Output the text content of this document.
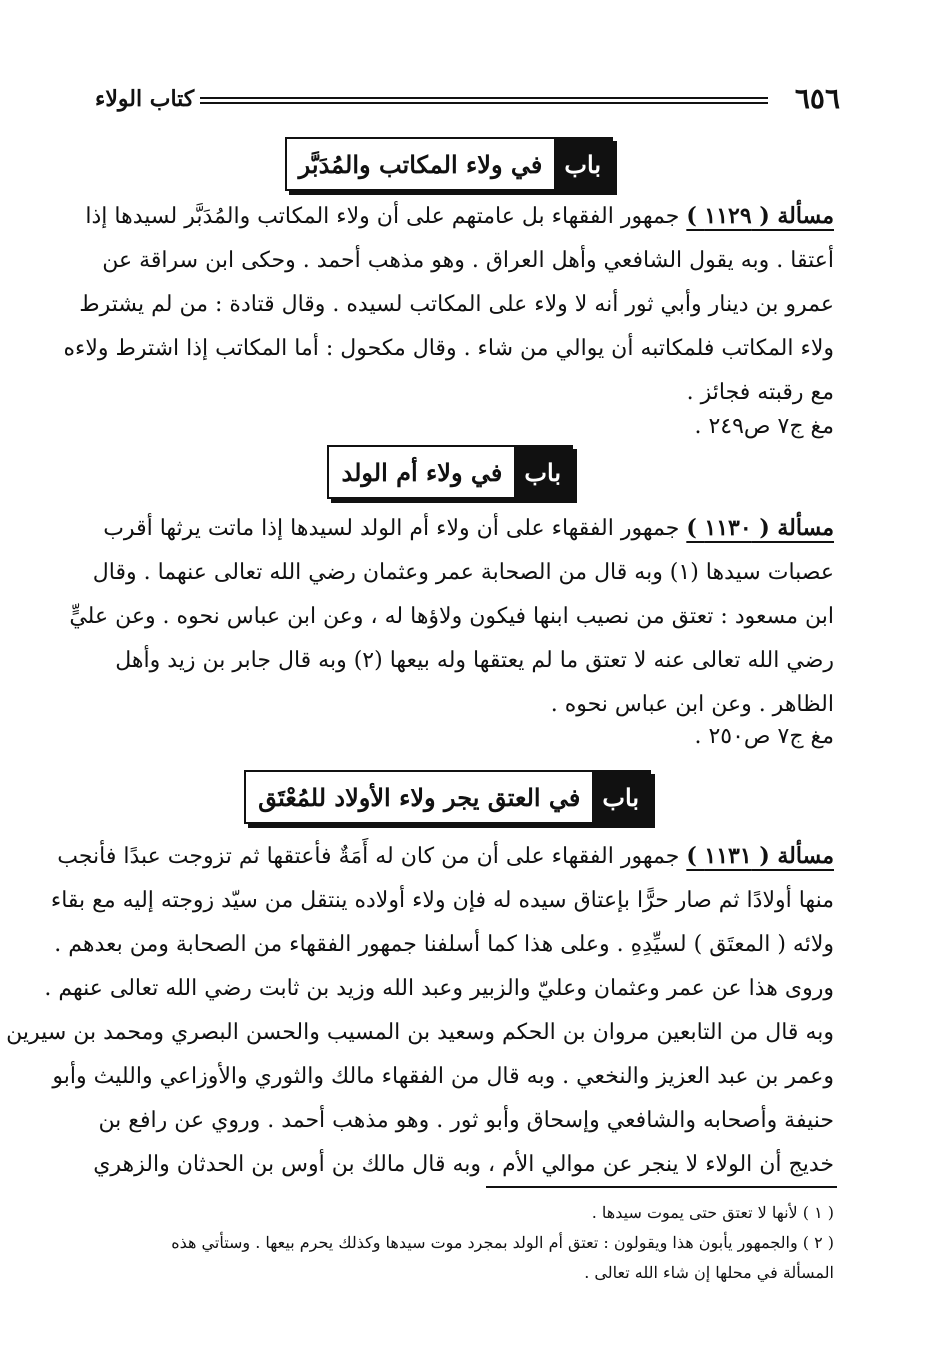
٦٥٦
كتاب الولاء
باب
في ولاء المكاتب والمُدَبَّر
مسألة ( ١١٢٩ ) جمهور الفقهاء بل عامتهم على أن ولاء المكاتب والمُدَبَّر لسيدها إذا
أعتقا . وبه يقول الشافعي وأهل العراق . وهو مذهب أحمد . وحكى ابن سراقة عن
عمرو بن دينار وأبي ثور أنه لا ولاء على المكاتب لسيده . وقال قتادة : من لم يشترط
ولاء المكاتب فلمكاتبه أن يوالي من شاء . وقال مكحول : أما المكاتب إذا اشترط ولاءه
مع رقبته فجائز .
مغ ج٧ ص٢٤٩ .
باب
في ولاء أم الولد
مسألة ( ١١٣٠ ) جمهور الفقهاء على أن ولاء أم الولد لسيدها إذا ماتت يرثها أقرب
عصبات سيدها (١) وبه قال من الصحابة عمر وعثمان رضي الله تعالى عنهما . وقال
ابن مسعود : تعتق من نصيب ابنها فيكون ولاؤها له ، وعن ابن عباس نحوه . وعن عليٍّ
رضي الله تعالى عنه لا تعتق ما لم يعتقها وله بيعها (٢) وبه قال جابر بن زيد وأهل
الظاهر . وعن ابن عباس نحوه .
مغ ج٧ ص٢٥٠ .
باب
في العتق يجر ولاء الأولاد للمُعْتَق
مسألة ( ١١٣١ ) جمهور الفقهاء على أن من كان له أَمَةٌ فأعتقها ثم تزوجت عبدًا فأنجب
منها أولادًا ثم صار حرًّا بإعتاق سيده له فإن ولاء أولاده ينتقل من سيّد زوجته إليه مع بقاء
ولائه ( المعتَق ) لسيِّدِهِ . وعلى هذا كما أسلفنا جمهور الفقهاء من الصحابة ومن بعدهم .
وروى هذا عن عمر وعثمان وعليّ والزبير وعبد الله وزيد بن ثابت رضي الله تعالى عنهم .
وبه قال من التابعين مروان بن الحكم وسعيد بن المسيب والحسن البصري ومحمد بن سيرين
وعمر بن عبد العزيز والنخعي . وبه قال من الفقهاء مالك والثوري والأوزاعي والليث وأبو
حنيفة وأصحابه والشافعي وإسحاق وأبو ثور . وهو مذهب أحمد . وروي عن رافع بن
خديج أن الولاء لا ينجر عن موالي الأم ، وبه قال مالك بن أوس بن الحدثان والزهري
( ١ ) لأنها لا تعتق حتى يموت سيدها .
( ٢ ) والجمهور يأبون هذا ويقولون : تعتق أم الولد بمجرد موت سيدها وكذلك يحرم بيعها . وستأتي هذه
المسألة في محلها إن شاء الله تعالى .
